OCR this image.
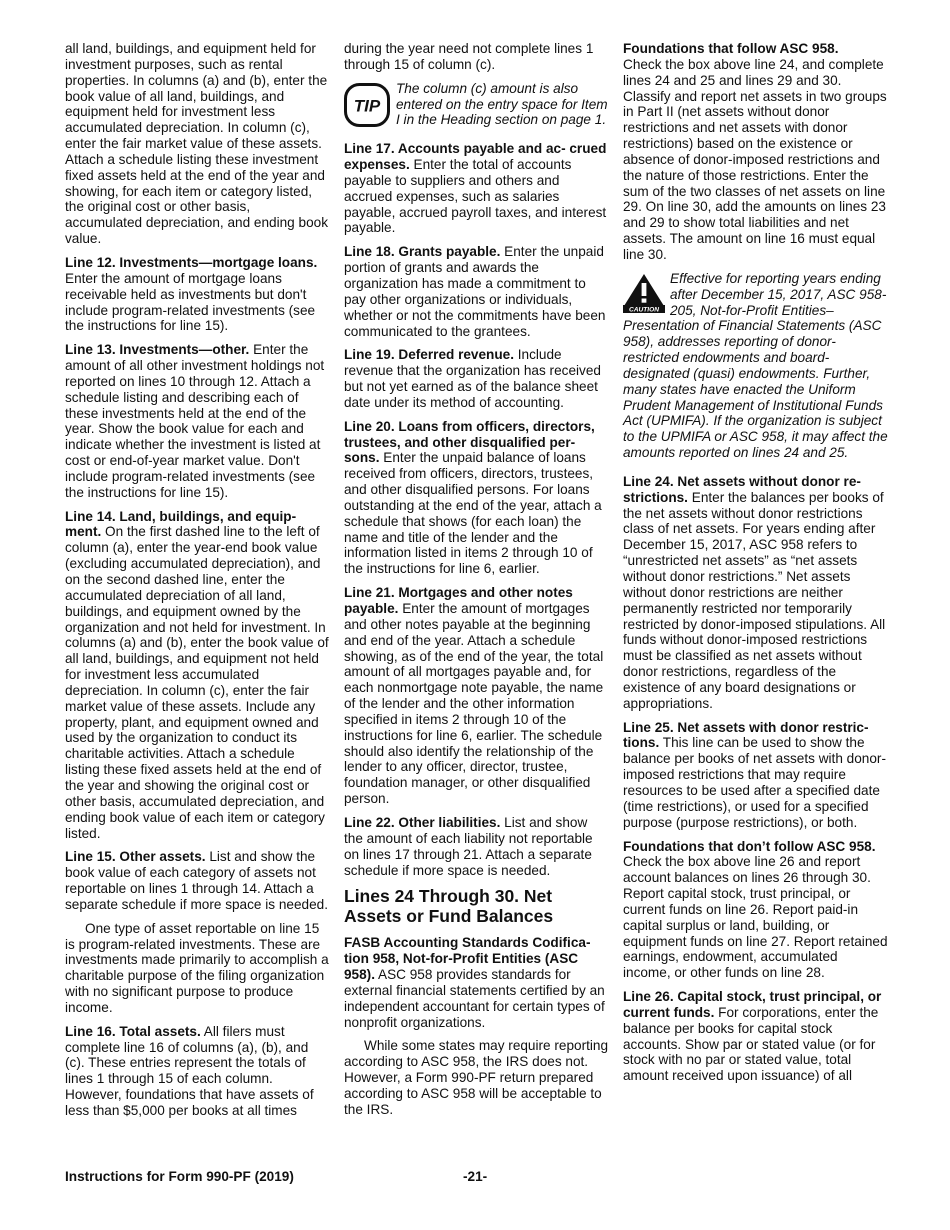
all land, buildings, and equipment held for investment purposes, such as rental properties. In columns (a) and (b), enter the book value of all land, buildings, and equipment held for investment less accumulated depreciation. In column (c), enter the fair market value of these assets. Attach a schedule listing these investment fixed assets held at the end of the year and showing, for each item or category listed, the original cost or other basis, accumulated depreciation, and ending book value.

Line 12. Investments—mortgage loans. Enter the amount of mortgage loans receivable held as investments but don't include program-related investments (see the instructions for line 15).

Line 13. Investments—other. Enter the amount of all other investment holdings not reported on lines 10 through 12. Attach a schedule listing and describing each of these investments held at the end of the year. Show the book value for each and indicate whether the investment is listed at cost or end-of-year market value. Don't include program-related investments (see the instructions for line 15).

Line 14. Land, buildings, and equip- ment. On the first dashed line to the left of column (a), enter the year-end book value (excluding accumulated depreciation), and on the second dashed line, enter the accumulated depreciation of all land, buildings, and equipment owned by the organization and not held for investment. In columns (a) and (b), enter the book value of all land, buildings, and equipment not held for investment less accumulated depreciation. In column (c), enter the fair market value of these assets. Include any property, plant, and equipment owned and used by the organization to conduct its charitable activities. Attach a schedule listing these fixed assets held at the end of the year and showing the original cost or other basis, accumulated depreciation, and ending book value of each item or category listed.

Line 15. Other assets. List and show the book value of each category of assets not reportable on lines 1 through 14. Attach a separate schedule if more space is needed.

One type of asset reportable on line 15 is program-related investments. These are investments made primarily to accomplish a charitable purpose of the filing organization with no significant purpose to produce income.

Line 16. Total assets. All filers must complete line 16 of columns (a), (b), and (c). These entries represent the totals of lines 1 through 15 of each column. However, foundations that have assets of less than $5,000 per books at all times

during the year need not complete lines 1 through 15 of column (c).

TIP
The column (c) amount is also entered on the entry space for Item I in the Heading section on page 1.

Line 17. Accounts payable and ac- crued expenses. Enter the total of accounts payable to suppliers and others and accrued expenses, such as salaries payable, accrued payroll taxes, and interest payable.

Line 18. Grants payable. Enter the unpaid portion of grants and awards the organization has made a commitment to pay other organizations or individuals, whether or not the commitments have been communicated to the grantees.

Line 19. Deferred revenue. Include revenue that the organization has received but not yet earned as of the balance sheet date under its method of accounting.

Line 20. Loans from officers, directors, trustees, and other disqualified per- sons. Enter the unpaid balance of loans received from officers, directors, trustees, and other disqualified persons. For loans outstanding at the end of the year, attach a schedule that shows (for each loan) the name and title of the lender and the information listed in items 2 through 10 of the instructions for line 6, earlier.

Line 21. Mortgages and other notes payable. Enter the amount of mortgages and other notes payable at the beginning and end of the year. Attach a schedule showing, as of the end of the year, the total amount of all mortgages payable and, for each nonmortgage note payable, the name of the lender and the other information specified in items 2 through 10 of the instructions for line 6, earlier. The schedule should also identify the relationship of the lender to any officer, director, trustee, foundation manager, or other disqualified person.

Line 22. Other liabilities. List and show the amount of each liability not reportable on lines 17 through 21. Attach a separate schedule if more space is needed.

Lines 24 Through 30. Net Assets or Fund Balances

FASB Accounting Standards Codifica- tion 958, Not-for-Profit Entities (ASC 958). ASC 958 provides standards for external financial statements certified by an independent accountant for certain types of nonprofit organizations.

While some states may require reporting according to ASC 958, the IRS does not. However, a Form 990-PF return prepared according to ASC 958 will be acceptable to the IRS.

Foundations that follow ASC 958.
Check the box above line 24, and complete lines 24 and 25 and lines 29 and 30. Classify and report net assets in two groups in Part II (net assets without donor restrictions and net assets with donor restrictions) based on the existence or absence of donor-imposed restrictions and the nature of those restrictions. Enter the sum of the two classes of net assets on line 29. On line 30, add the amounts on lines 23 and 29 to show total liabilities and net assets. The amount on line 16 must equal line 30.

CAUTION
Effective for reporting years ending after December 15, 2017, ASC 958-205, Not-for-Profit Entities–Presentation of Financial Statements (ASC 958), addresses reporting of donor-restricted endowments and board-designated (quasi) endowments. Further, many states have enacted the Uniform Prudent Management of Institutional Funds Act (UPMIFA). If the organization is subject to the UPMIFA or ASC 958, it may affect the amounts reported on lines 24 and 25.

Line 24. Net assets without donor re- strictions. Enter the balances per books of the net assets without donor restrictions class of net assets. For years ending after December 15, 2017, ASC 958 refers to “unrestricted net assets” as “net assets without donor restrictions.” Net assets without donor restrictions are neither permanently restricted nor temporarily restricted by donor-imposed stipulations. All funds without donor-imposed restrictions must be classified as net assets without donor restrictions, regardless of the existence of any board designations or appropriations.

Line 25. Net assets with donor restric- tions. This line can be used to show the balance per books of net assets with donor-imposed restrictions that may require resources to be used after a specified date (time restrictions), or used for a specified purpose (purpose restrictions), or both.

Foundations that don’t follow ASC 958. Check the box above line 26 and report account balances on lines 26 through 30. Report capital stock, trust principal, or current funds on line 26. Report paid-in capital surplus or land, building, or equipment funds on line 27. Report retained earnings, endowment, accumulated income, or other funds on line 28.

Line 26. Capital stock, trust principal, or current funds. For corporations, enter the balance per books for capital stock accounts. Show par or stated value (or for stock with no par or stated value, total amount received upon issuance) of all

Instructions for Form 990-PF (2019)	-21-
